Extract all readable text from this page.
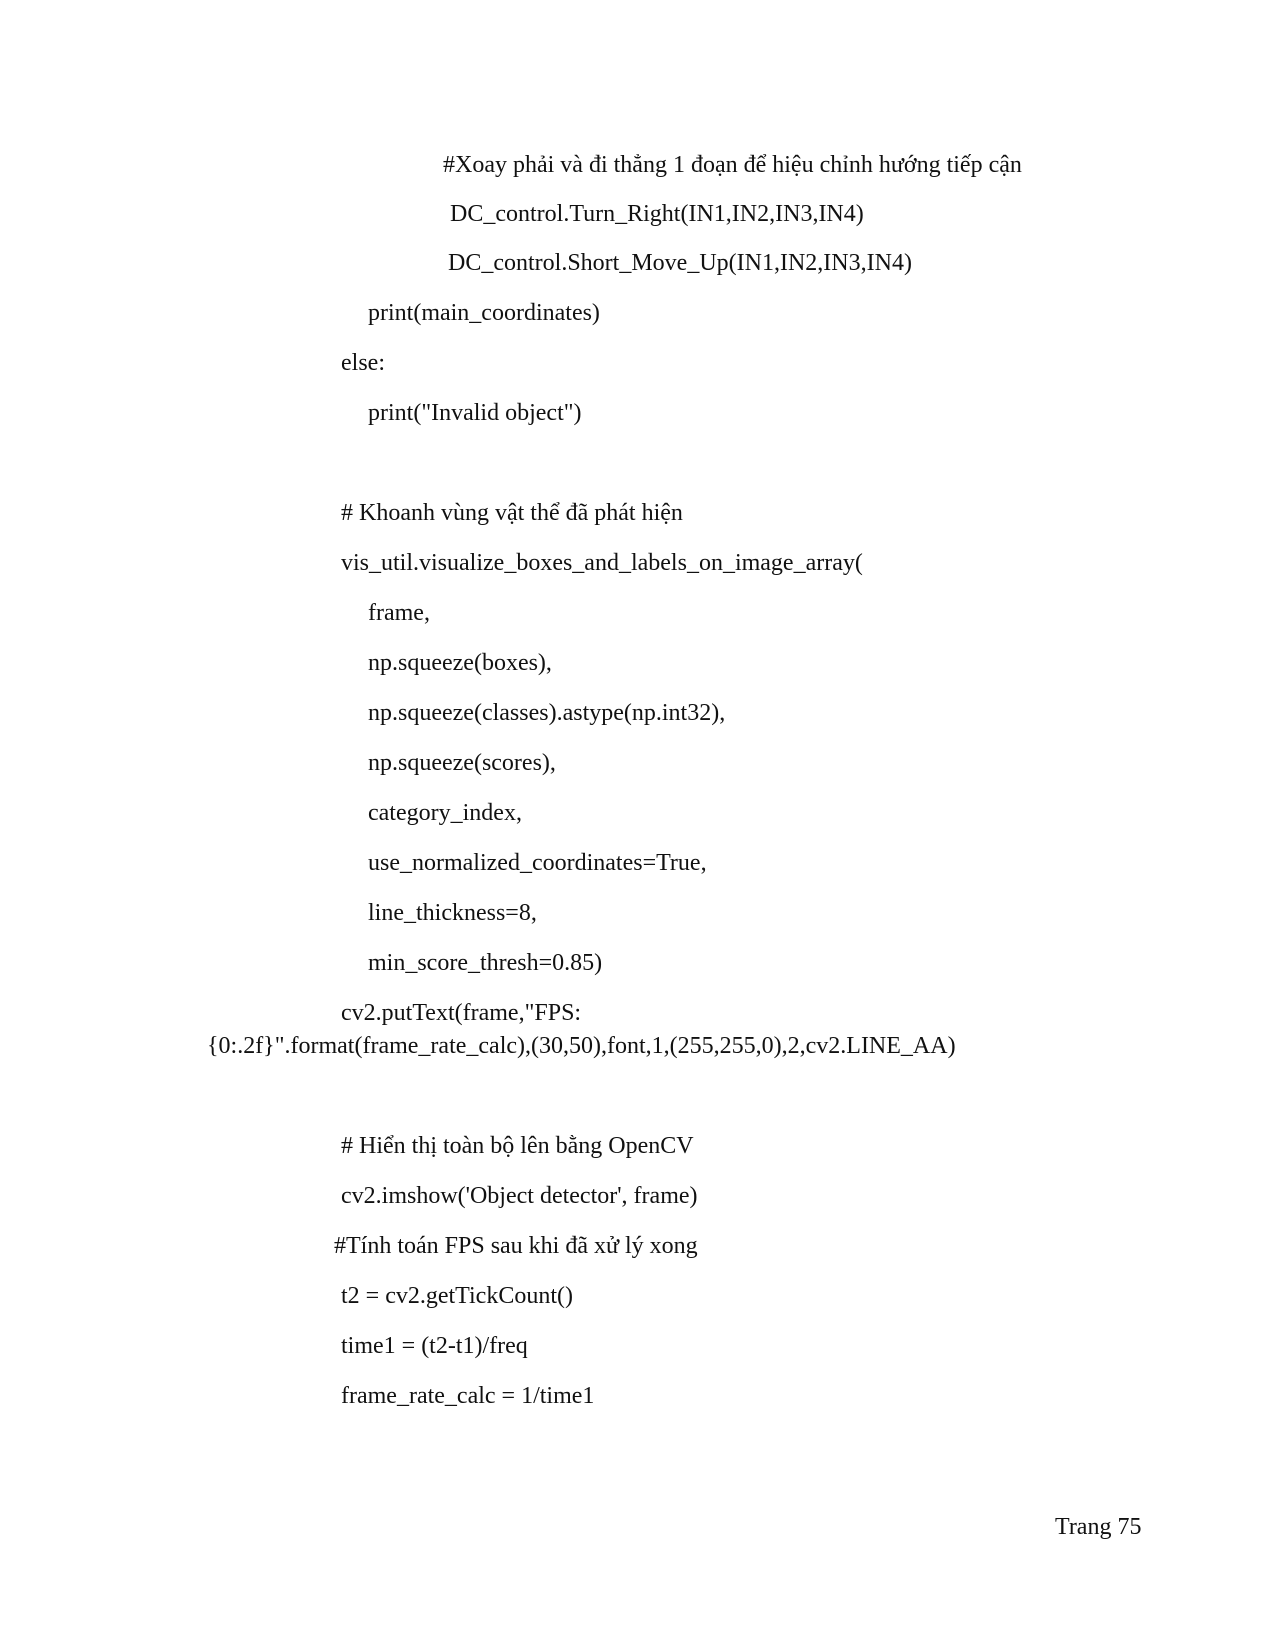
#Xoay phải và đi thẳng 1 đoạn để hiệu chỉnh hướng tiếp cận
DC_control.Turn_Right(IN1,IN2,IN3,IN4)
DC_control.Short_Move_Up(IN1,IN2,IN3,IN4)
print(main_coordinates)
else:
print("Invalid object")
# Khoanh vùng vật thể đã phát hiện
vis_util.visualize_boxes_and_labels_on_image_array(
frame,
np.squeeze(boxes),
np.squeeze(classes).astype(np.int32),
np.squeeze(scores),
category_index,
use_normalized_coordinates=True,
line_thickness=8,
min_score_thresh=0.85)
cv2.putText(frame,"FPS:
{0:.2f}".format(frame_rate_calc),(30,50),font,1,(255,255,0),2,cv2.LINE_AA)
# Hiển thị toàn bộ lên bằng OpenCV
cv2.imshow('Object detector', frame)
#Tính toán FPS sau khi đã xử lý xong
t2 = cv2.getTickCount()
time1 = (t2-t1)/freq
frame_rate_calc = 1/time1
Trang 75
